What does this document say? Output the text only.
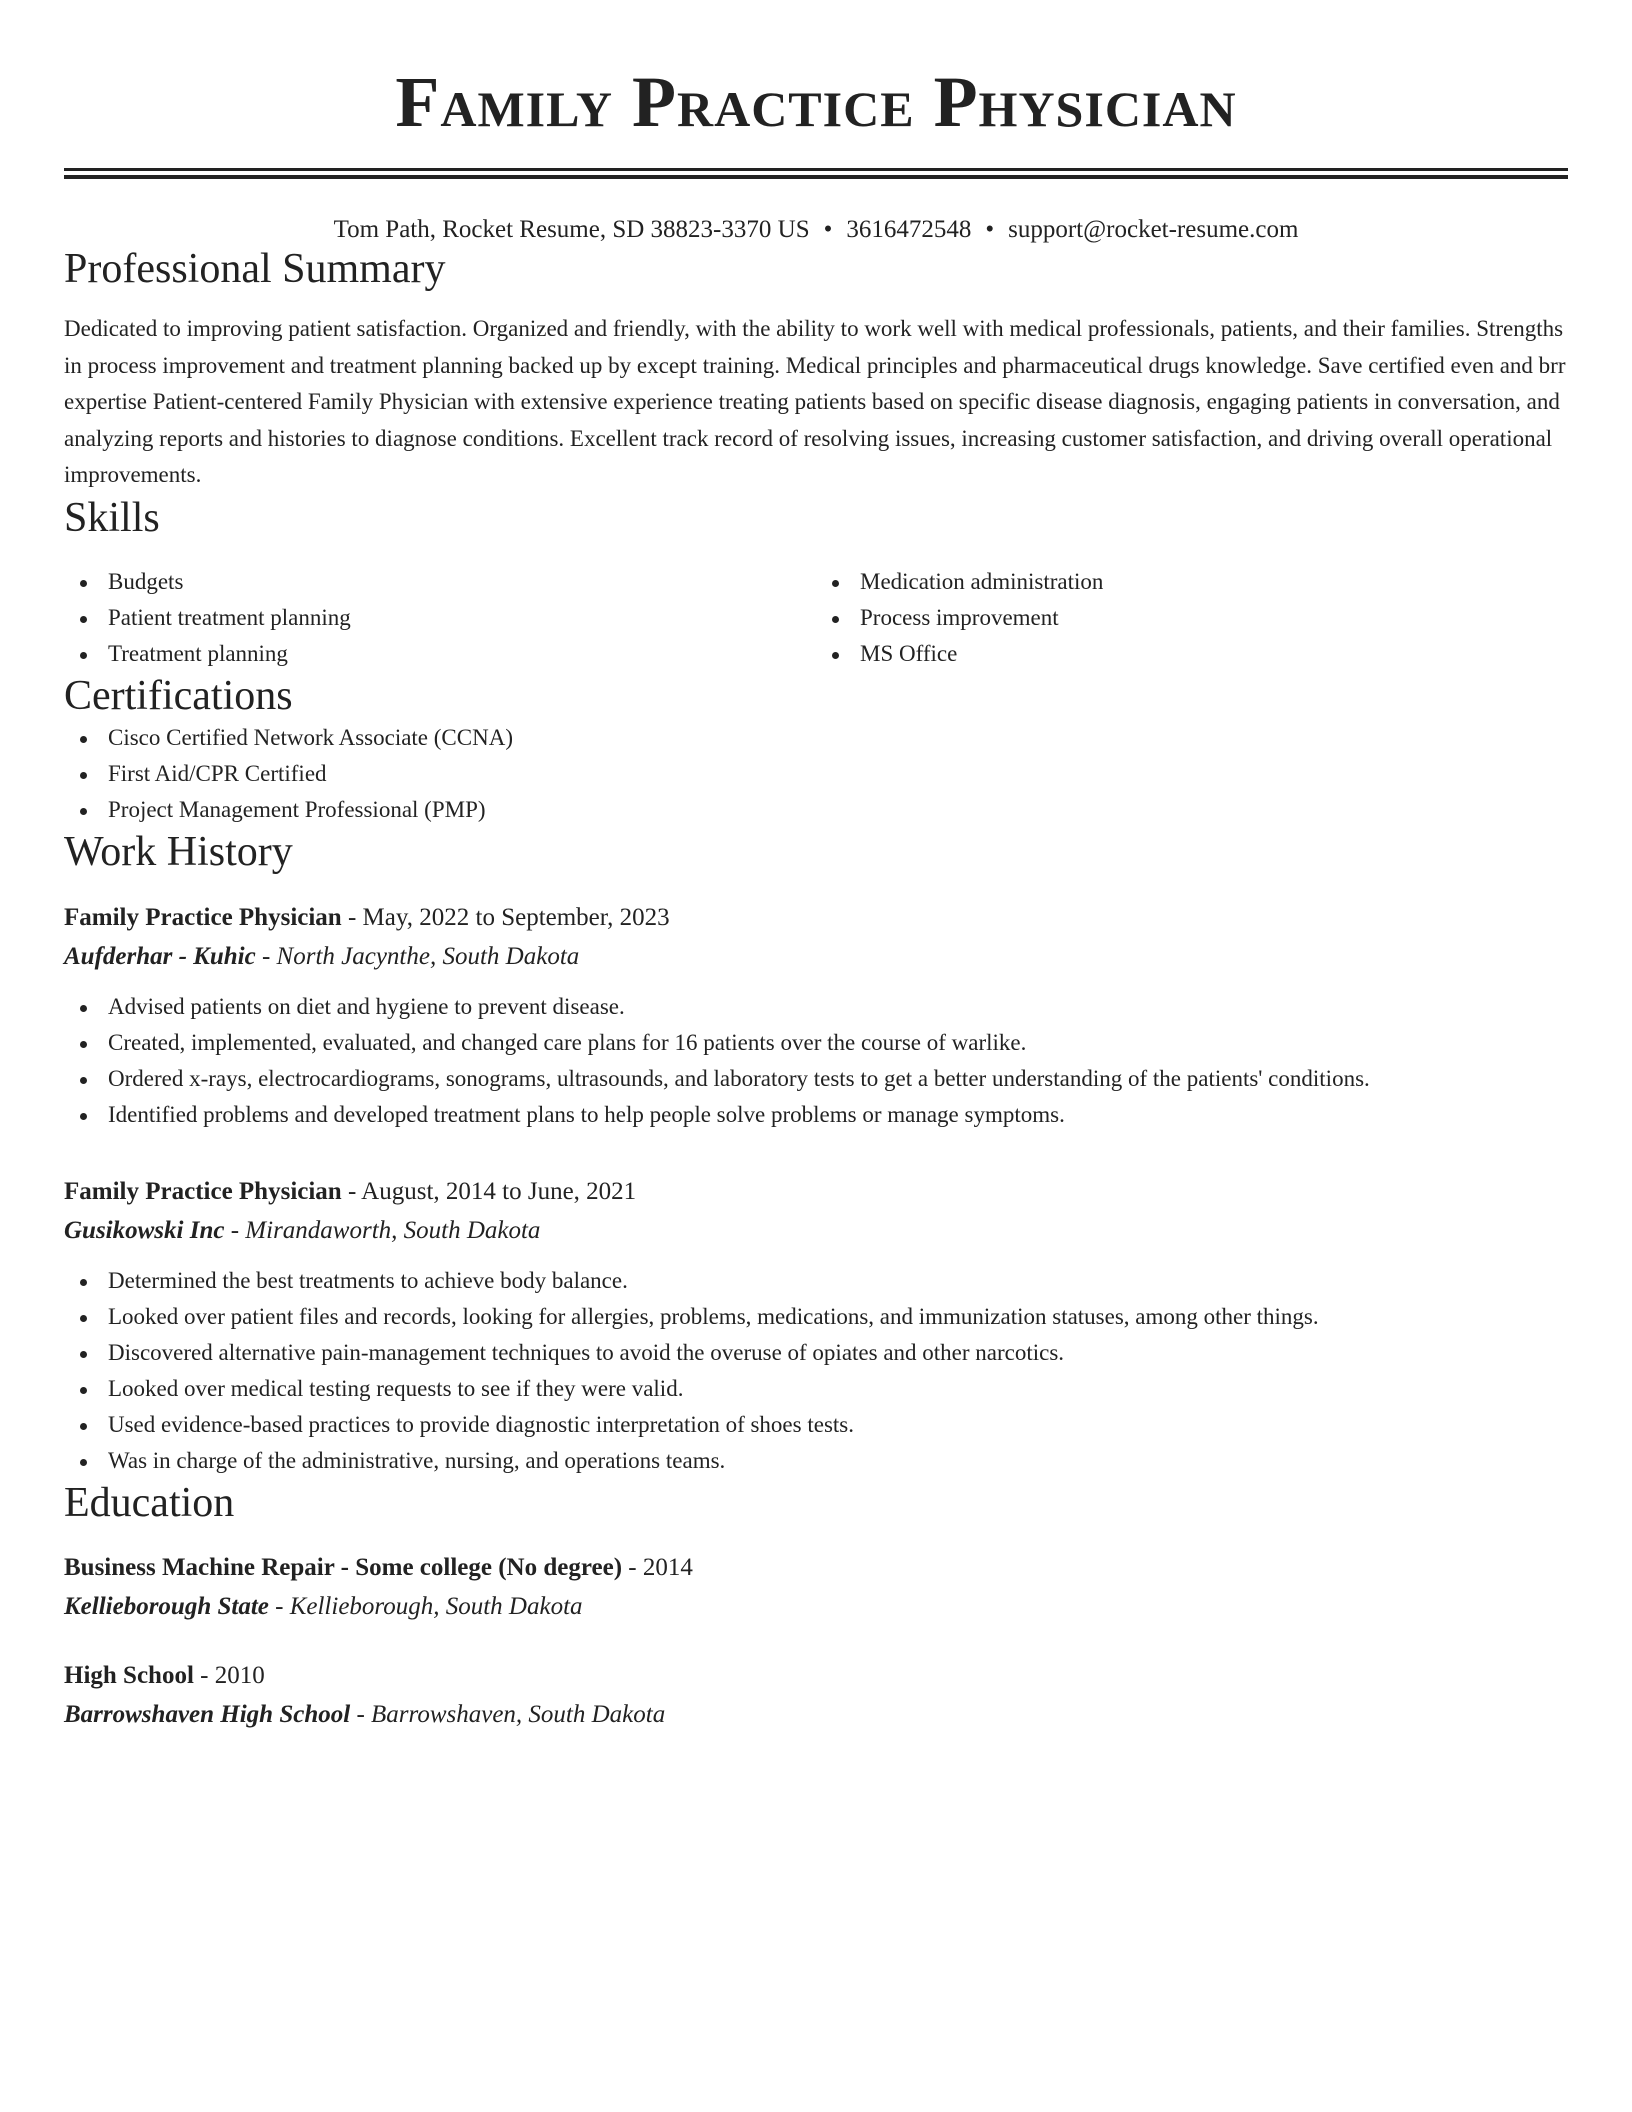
Family Practice Physician
Tom Path, Rocket Resume, SD 38823-3370 US • 3616472548 • support@rocket-resume.com
Professional Summary
Dedicated to improving patient satisfaction. Organized and friendly, with the ability to work well with medical professionals, patients, and their families. Strengths in process improvement and treatment planning backed up by except training. Medical principles and pharmaceutical drugs knowledge. Save certified even and brr expertise Patient-centered Family Physician with extensive experience treating patients based on specific disease diagnosis, engaging patients in conversation, and analyzing reports and histories to diagnose conditions. Excellent track record of resolving issues, increasing customer satisfaction, and driving overall operational improvements.
Skills
Budgets
Patient treatment planning
Treatment planning
Medication administration
Process improvement
MS Office
Certifications
Cisco Certified Network Associate (CCNA)
First Aid/CPR Certified
Project Management Professional (PMP)
Work History
Family Practice Physician - May, 2022 to September, 2023
Aufderhar - Kuhic - North Jacynthe, South Dakota
Advised patients on diet and hygiene to prevent disease.
Created, implemented, evaluated, and changed care plans for 16 patients over the course of warlike.
Ordered x-rays, electrocardiograms, sonograms, ultrasounds, and laboratory tests to get a better understanding of the patients' conditions.
Identified problems and developed treatment plans to help people solve problems or manage symptoms.
Family Practice Physician - August, 2014 to June, 2021
Gusikowski Inc - Mirandaworth, South Dakota
Determined the best treatments to achieve body balance.
Looked over patient files and records, looking for allergies, problems, medications, and immunization statuses, among other things.
Discovered alternative pain-management techniques to avoid the overuse of opiates and other narcotics.
Looked over medical testing requests to see if they were valid.
Used evidence-based practices to provide diagnostic interpretation of shoes tests.
Was in charge of the administrative, nursing, and operations teams.
Education
Business Machine Repair - Some college (No degree) - 2014
Kellieborough State - Kellieborough, South Dakota
High School - 2010
Barrowshaven High School - Barrowshaven, South Dakota
